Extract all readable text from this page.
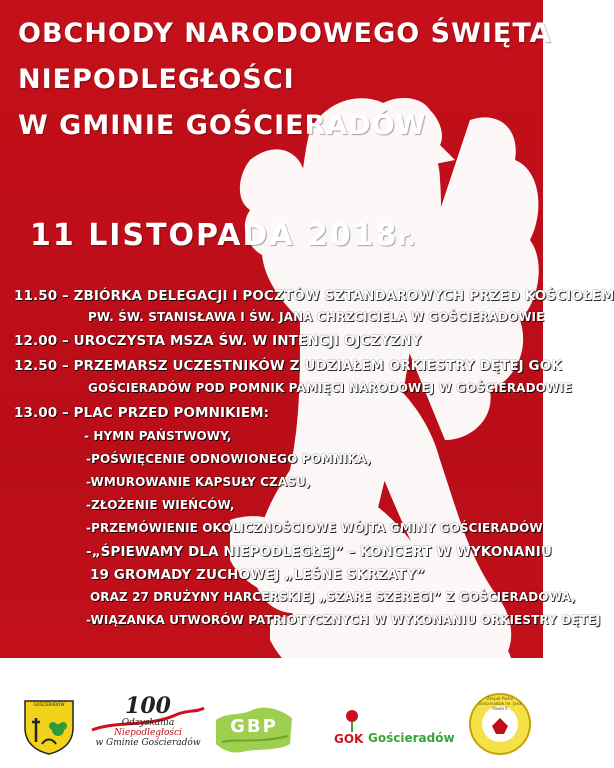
OBCHODY NARODOWEGO ŚWIĘTA
NIEPODLEGŁOŚCI
W GMINIE GOŚCIERADÓW
11 LISTOPADA 2018r.
11.50 – ZBIÓRKA DELEGACJI I POCZTÓW SZTANDAROWYCH PRZED KOŚCIOŁEM
PW. ŚW. STANISŁAWA I ŚW. JANA CHRZCICIELA W GOŚCIERADOWIE
12.00 – UROCZYSTA MSZA ŚW. W INTENCJI OJCZYZNY
12.50 – PRZEMARSZ UCZESTNIKÓW Z UDZIAŁEM ORKIESTRY DĘTEJ GOK
GOŚCIERADÓW POD POMNIK PAMIĘCI NARODOWEJ W GOŚCIERADOWIE
13.00 – PLAC PRZED POMNIKIEM:
- HYMN PAŃSTWOWY,
-POŚWIĘCENIE ODNOWIONEGO POMNIKA,
-WMUROWANIE KAPSUŁY CZASU,
-ZŁOŻENIE WIEŃCÓW,
-PRZEMÓWIENIE OKOLICZNOŚCIOWE WÓJTA GMINY GOŚCIERADÓW
-„ŚPIEWAMY DLA NIEPODLEGŁEJ” – KONCERT W WYKONANIU
19 GROMADY ZUCHOWEJ „LEŚNE SKRZATY”
ORAZ 27 DRUŻYNY HARCERSKIEJ „SZARE SZEREGI” Z GOŚCIERADOWA,
-WIĄZANKA UTWORÓW PATRIOTYCZNYCH W WYKONANIU ORKIESTRY DĘTEJ
GOŚCIERADÓW	100
Odzyskania
Niepodległości
w Gminie Gościeradów
GBP
GOK Gościeradów
Zespół Pieśni Gościeradów im. Jana Pawła II
